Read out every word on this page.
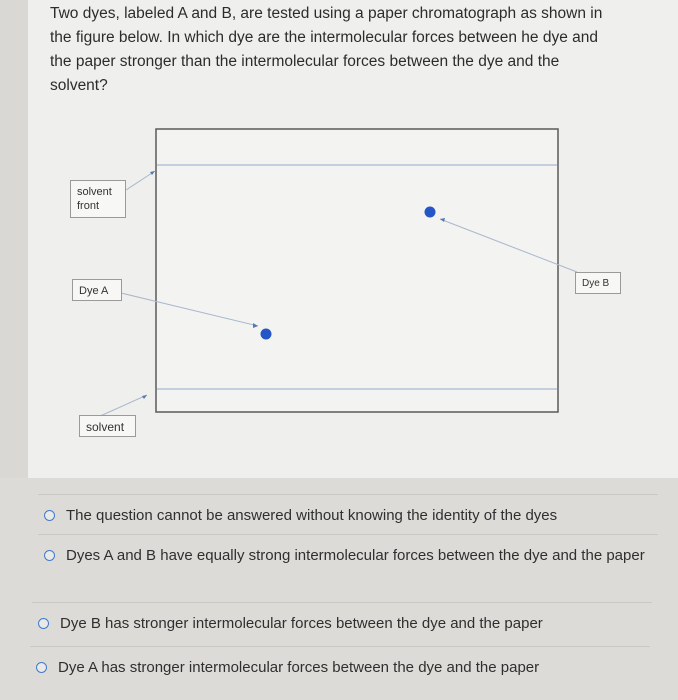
Two dyes, labeled A and B, are tested using a paper chromatograph as shown in the figure below. In which dye are the intermolecular forces between he dye and the paper stronger than the intermolecular forces between the dye and the solvent?

solvent
front
Dye A
Dye B
solvent
The question cannot be answered without knowing the identity of the dyes
Dyes A and B have equally strong intermolecular forces between the dye and the paper
Dye B has stronger intermolecular forces between the dye and the paper
Dye A has stronger intermolecular forces between the dye and the paper
